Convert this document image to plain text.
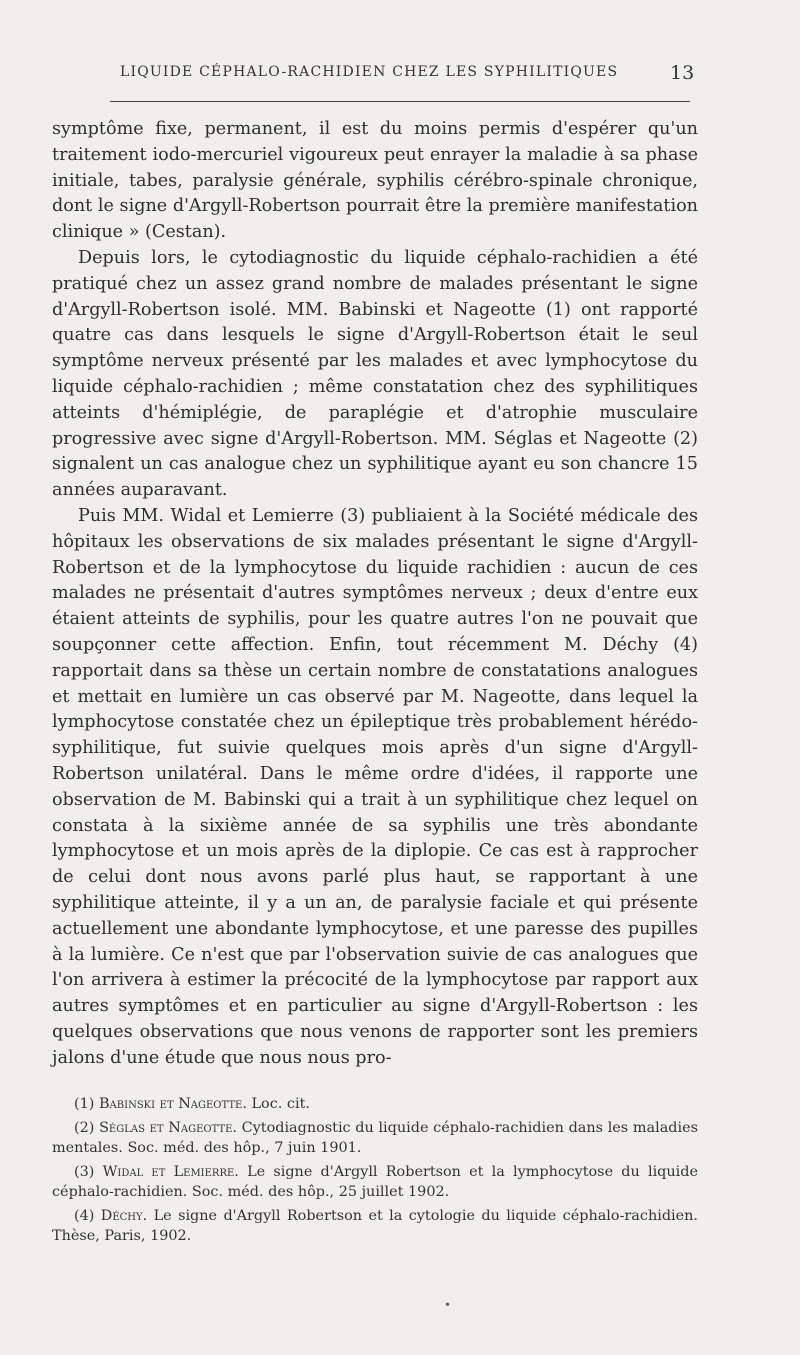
LIQUIDE CÉPHALO-RACHIDIEN CHEZ LES SYPHILITIQUES	13

symptôme fixe, permanent, il est du moins permis d'espérer qu'un traitement iodo-mercuriel vigoureux peut enrayer la maladie à sa phase initiale, tabes, paralysie générale, syphilis cérébro-spinale chronique, dont le signe d'Argyll-Robertson pourrait être la première manifestation clinique » (Cestan).

Depuis lors, le cytodiagnostic du liquide céphalo-rachidien a été pratiqué chez un assez grand nombre de malades présentant le signe d'Argyll-Robertson isolé. MM. Babinski et Nageotte (1) ont rapporté quatre cas dans lesquels le signe d'Argyll-Robertson était le seul symptôme nerveux présenté par les malades et avec lymphocytose du liquide céphalo-rachidien ; même constatation chez des syphilitiques atteints d'hémiplégie, de paraplégie et d'atrophie musculaire progressive avec signe d'Argyll-Robertson. MM. Séglas et Nageotte (2) signalent un cas analogue chez un syphilitique ayant eu son chancre 15 années auparavant.

Puis MM. Widal et Lemierre (3) publiaient à la Société médicale des hôpitaux les observations de six malades présentant le signe d'Argyll-Robertson et de la lymphocytose du liquide rachidien : aucun de ces malades ne présentait d'autres symptômes nerveux ; deux d'entre eux étaient atteints de syphilis, pour les quatre autres l'on ne pouvait que soupçonner cette affection. Enfin, tout récemment M. Déchy (4) rapportait dans sa thèse un certain nombre de constatations analogues et mettait en lumière un cas observé par M. Nageotte, dans lequel la lymphocytose constatée chez un épileptique très probablement hérédo-syphilitique, fut suivie quelques mois après d'un signe d'Argyll-Robertson unilatéral. Dans le même ordre d'idées, il rapporte une observation de M. Babinski qui a trait à un syphilitique chez lequel on constata à la sixième année de sa syphilis une très abondante lymphocytose et un mois après de la diplopie. Ce cas est à rapprocher de celui dont nous avons parlé plus haut, se rapportant à une syphilitique atteinte, il y a un an, de paralysie faciale et qui présente actuellement une abondante lymphocytose, et une paresse des pupilles à la lumière. Ce n'est que par l'observation suivie de cas analogues que l'on arrivera à estimer la précocité de la lymphocytose par rapport aux autres symptômes et en particulier au signe d'Argyll-Robertson : les quelques observations que nous venons de rapporter sont les premiers jalons d'une étude que nous nous pro-

(1) Babinski et Nageotte. Loc. cit.

(2) Séglas et Nageotte. Cytodiagnostic du liquide céphalo-rachidien dans les maladies mentales. Soc. méd. des hôp., 7 juin 1901.

(3) Widal et Lemierre. Le signe d'Argyll Robertson et la lymphocytose du liquide céphalo-rachidien. Soc. méd. des hôp., 25 juillet 1902.

(4) Déchy. Le signe d'Argyll Robertson et la cytologie du liquide céphalo-rachidien. Thèse, Paris, 1902.

•
